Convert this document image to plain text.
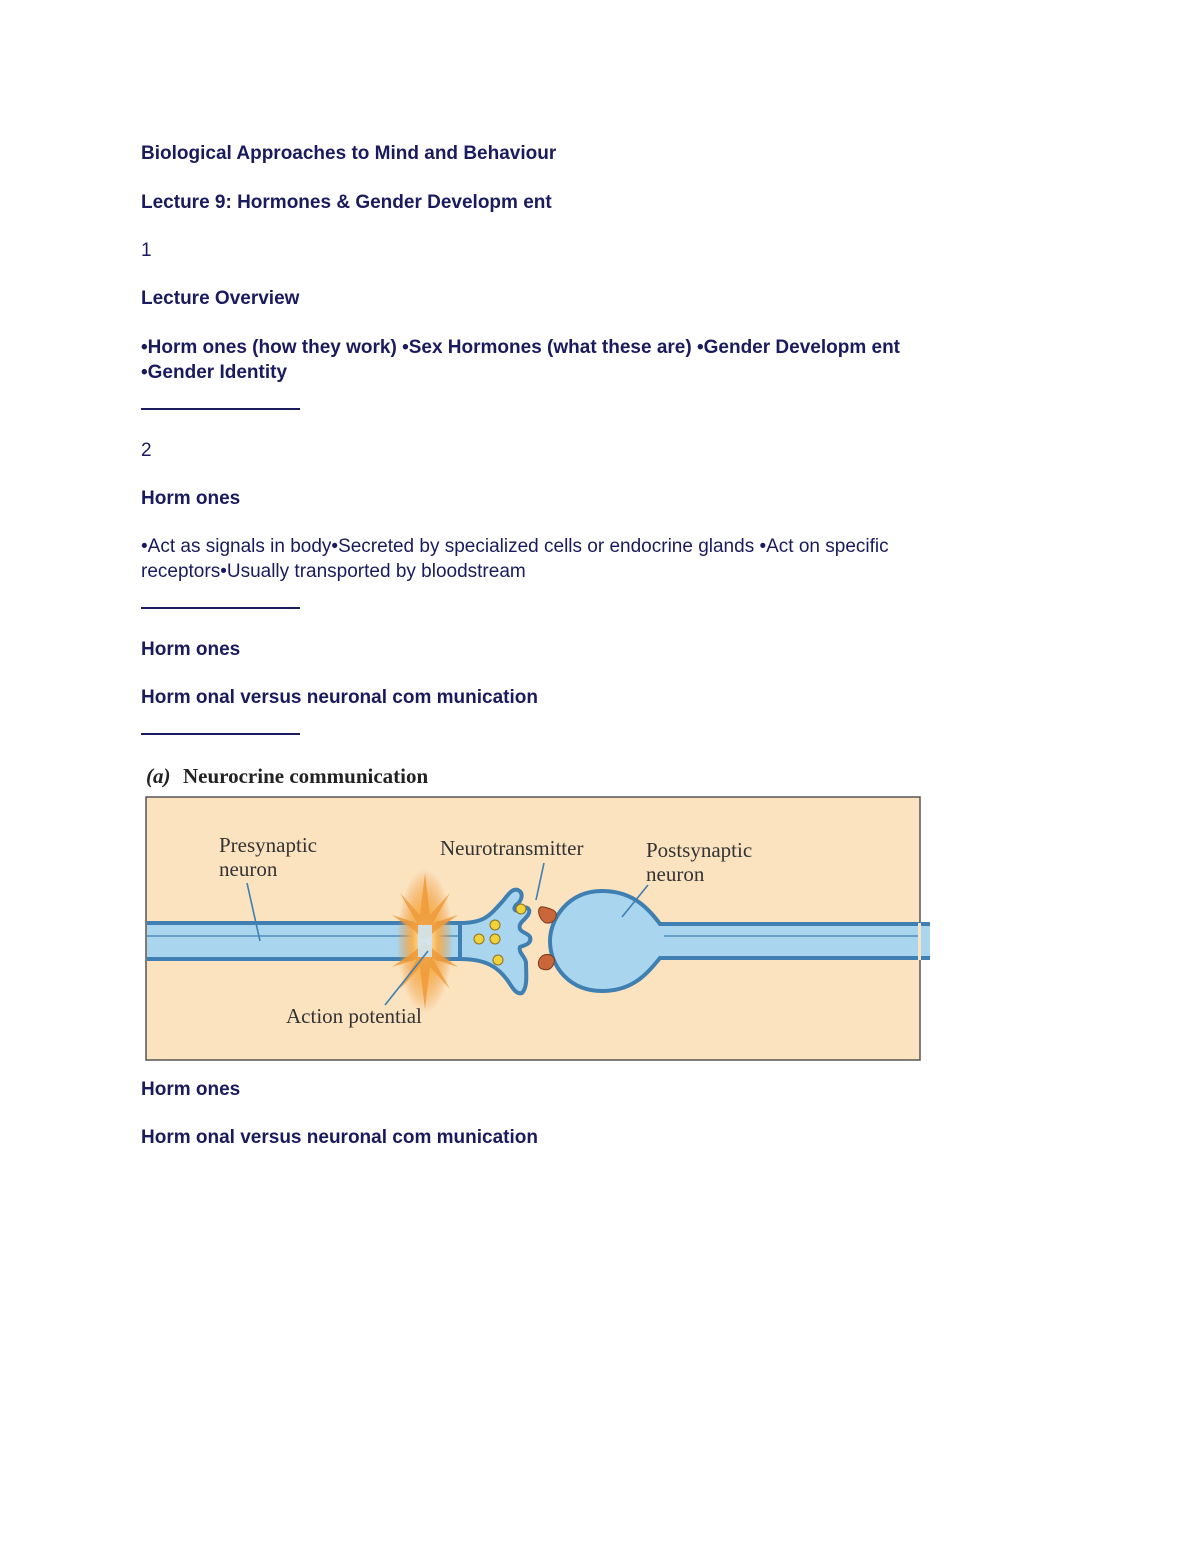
Biological Approaches to Mind and Behaviour
Lecture 9: Hormones & Gender Developm ent
1
Lecture Overview
•Horm ones (how they work) •Sex Hormones (what these are) •Gender Developm ent
•Gender Identity
2
Horm ones
•Act as signals in body•Secreted by specialized cells or endocrine glands •Act on specific
receptors•Usually transported by bloodstream
Horm ones
Horm onal versus neuronal com munication
(a) Neurocrine communication
Presynaptic
neuron
Neurotransmitter	Postsynaptic
neuron
Action potential
Horm ones
Horm onal versus neuronal com munication
